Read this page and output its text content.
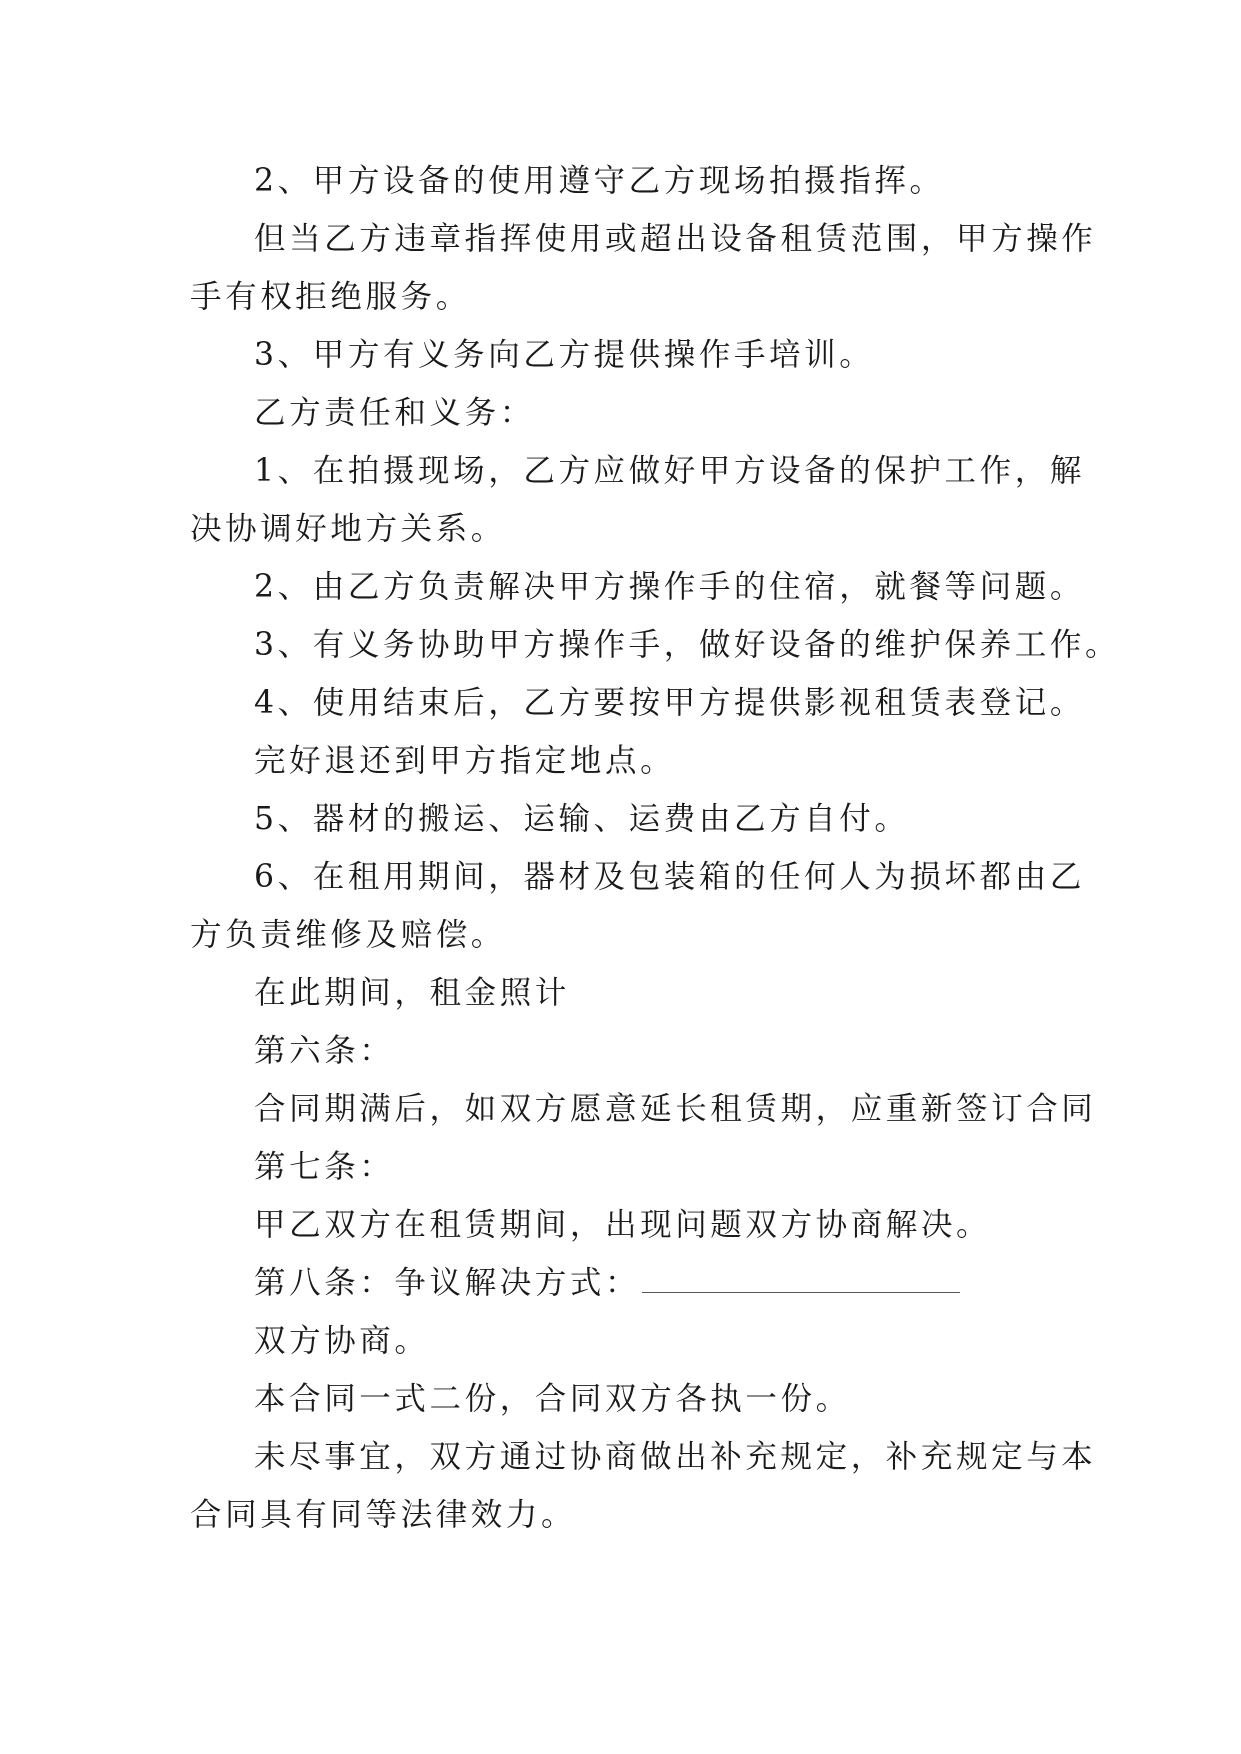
2、甲方设备的使用遵守乙方现场拍摄指挥。

但当乙方违章指挥使用或超出设备租赁范围，甲方操作

手有权拒绝服务。

3、甲方有义务向乙方提供操作手培训。

乙方责任和义务：

1、在拍摄现场，乙方应做好甲方设备的保护工作，解

决协调好地方关系。

2、由乙方负责解决甲方操作手的住宿，就餐等问题。

3、有义务协助甲方操作手，做好设备的维护保养工作。

4、使用结束后，乙方要按甲方提供影视租赁表登记。

完好退还到甲方指定地点。

5、器材的搬运、运输、运费由乙方自付。

6、在租用期间，器材及包装箱的任何人为损坏都由乙

方负责维修及赔偿。

在此期间，租金照计

第六条：

合同期满后，如双方愿意延长租赁期，应重新签订合同

第七条：

甲乙双方在租赁期间，出现问题双方协商解决。

第八条：争议解决方式：

双方协商。

本合同一式二份，合同双方各执一份。

未尽事宜，双方通过协商做出补充规定，补充规定与本

合同具有同等法律效力。
